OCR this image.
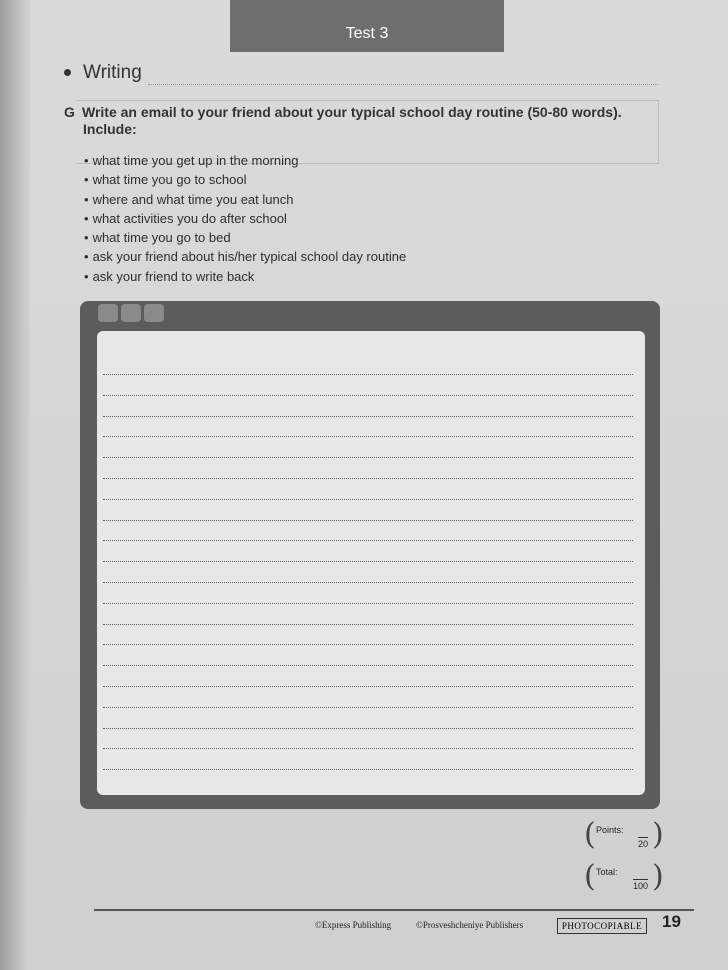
Test 3
Writing
G Write an email to your friend about your typical school day routine (50-80 words).
Include:
• what time you get up in the morning
• what time you go to school
• where and what time you eat lunch
• what activities you do after school
• what time you go to bed
• ask your friend about his/her typical school day routine
• ask your friend to write back
( Points:
20 )
( Total:
100 )
©Express Publishing	©Prosveshcheniye Publishers	PHOTOCOPIABLE 19
